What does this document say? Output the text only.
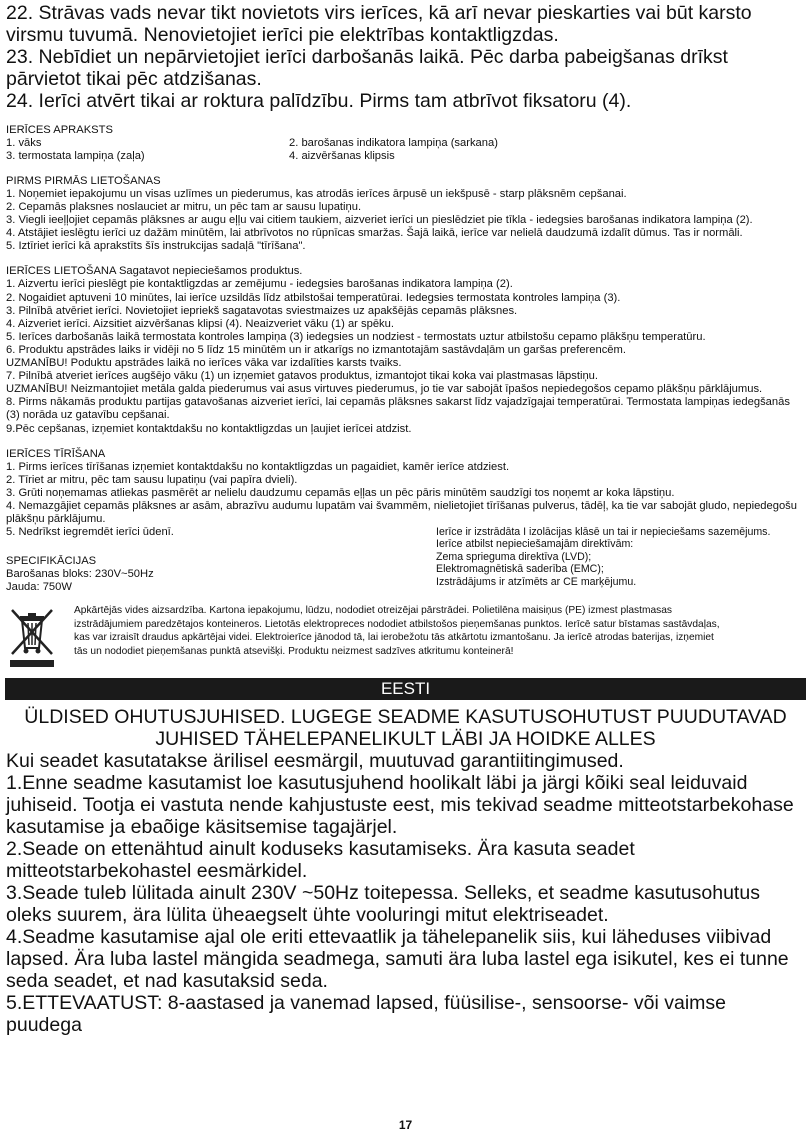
22. Strāvas vads nevar tikt novietots virs ierīces, kā arī nevar pieskarties vai būt karsto virsmu tuvumā. Nenovietojiet ierīci pie elektrības kontaktligzdas.

23. Nebīdiet un nepārvietojiet ierīci darbošanās laikā. Pēc darba pabeigšanas drīkst pārvietot tikai pēc atdzišanas.

24. Ierīci atvērt tikai ar roktura palīdzību. Pirms tam atbrīvot fiksatoru (4).

IERĪCES APRAKSTS

1. vāks	2. barošanas indikatora lampiņa (sarkana)
3. termostata lampiņa (zaļa)	4. aizvēršanas klipsis

PIRMS PIRMĀS LIETOŠANAS

1. Noņemiet iepakojumu un visas uzlīmes un piederumus, kas atrodās ierīces ārpusē un iekšpusē - starp plāksnēm cepšanai.

2. Cepamās plaksnes noslauciet ar mitru, un pēc tam ar sausu lupatiņu.

3. Viegli ieeļļojiet cepamās plāksnes ar augu eļļu vai citiem taukiem, aizveriet ierīci un pieslēdziet pie tīkla - iedegsies barošanas indikatora lampiņa (2).

4. Atstājiet ieslēgtu ierīci uz dažām minūtēm, lai atbrīvotos no rūpnīcas smaržas. Šajā laikā, ierīce var nelielā daudzumā izdalīt dūmus. Tas ir normāli.

5. Iztīriet ierīci kā aprakstīts šīs instrukcijas sadaļā "tīrīšana".

IERĪCES LIETOŠANA Sagatavot nepieciešamos produktus.

1. Aizvertu ierīci pieslēgt pie kontaktligzdas ar zemējumu - iedegsies barošanas indikatora lampiņa (2).

2. Nogaidiet aptuveni 10 minūtes, lai ierīce uzsildās līdz atbilstošai temperatūrai. Iedegsies termostata kontroles lampiņa (3).

3. Pilnībā atvēriet ierīci. Novietojiet iepriekš sagatavotas sviestmaizes uz apakšējās cepamās plāksnes.

4. Aizveriet ierīci. Aizsitiet aizvēršanas klipsi (4). Neaizveriet vāku (1) ar spēku.

5. Ierīces darbošanās laikā termostata kontroles lampiņa (3) iedegsies un nodziest - termostats uztur atbilstošu cepamo plākšņu temperatūru.

6. Produktu apstrādes laiks ir vidēji no 5 līdz 15 minūtēm un ir atkarīgs no izmantotajām sastāvdaļām un garšas preferencēm.

UZMANĪBU! Poduktu apstrādes laikā no ierīces vāka var izdalīties karsts tvaiks.

7. Pilnībā atveriet ierīces augšējo vāku (1) un izņemiet gatavos produktus, izmantojot tikai koka vai plastmasas lāpstiņu.

UZMANĪBU! Neizmantojiet metāla galda piederumus vai asus virtuves piederumus, jo tie var sabojāt īpašos nepiedegošos cepamo plākšņu pārklājumus.

8. Pirms nākamās produktu partijas gatavošanas aizveriet ierīci, lai cepamās plāksnes sakarst līdz vajadzīgajai temperatūrai. Termostata lampiņas iedegšanās (3) norāda uz gatavību cepšanai.

9.Pēc cepšanas, izņemiet kontaktdakšu no kontaktligzdas un ļaujiet ierīcei atdzist.

IERĪCES TĪRĪŠANA

1. Pirms ierīces tīrīšanas izņemiet kontaktdakšu no kontaktligzdas un pagaidiet, kamēr ierīce atdziest.

2. Tīriet ar mitru, pēc tam sausu lupatiņu (vai papīra dvieli).

3. Grūti noņemamas atliekas pasmērēt ar nelielu daudzumu cepamās eļļas un pēc pāris minūtēm saudzīgi tos noņemt ar koka lāpstiņu.

4. Nemazgājiet cepamās plāksnes ar asām, abrazīvu audumu lupatām vai švammēm, nielietojiet tīrīšanas pulverus, tādēļ, ka tie var sabojāt gludo, nepiedegošu plākšņu pārklājumu.

5. Nedrīkst iegremdēt ierīci ūdenī.

SPECIFIKĀCIJAS

Barošanas bloks: 230V~50Hz

Jauda: 750W

Ierīce ir izstrādāta I izolācijas klāsē un tai ir nepieciešams sazemējums.

Ierīce atbilst nepieciešamajām direktīvām:

Zema sprieguma direktīva (LVD);

Elektromagnētiskā saderība (EMC);

Izstrādājums ir atzīmēts ar CE marķējumu.

Apkārtējās vides aizsardzība. Kartona iepakojumu, lūdzu, nododiet otreizējai pārstrādei. Polietilēna maisiņus (PE) izmest plastmasas

izstrādājumiem paredzētajos konteineros. Lietotās elektropreces nododiet atbilstošos pieņemšanas punktos. Ierīcē satur bīstamas sastāvdaļas,

kas var izraisīt draudus apkārtējai videi. Elektroierīce jānodod tā, lai ierobežotu tās atkārtotu izmantošanu. Ja ierīcē atrodas baterijas, izņemiet

tās un nododiet pieņemšanas punktā atsevišķi. Produktu neizmest sadzīves atkritumu konteinerā!

EESTI

ÜLDISED OHUTUSJUHISED. LUGEGE SEADME KASUTUSOHUTUST PUUDUTAVAD

JUHISED TÄHELEPANELIKULT LÄBI JA HOIDKE ALLES

Kui seadet kasutatakse ärilisel eesmärgil, muutuvad garantiitingimused.

1.Enne seadme kasutamist loe kasutusjuhend hoolikalt läbi ja järgi kõiki seal leiduvaid juhiseid. Tootja ei vastuta nende kahjustuste eest, mis tekivad seadme mitteotstarbekohase kasutamise ja ebaõige käsitsemise tagajärjel.

2.Seade on ettenähtud ainult koduseks kasutamiseks. Ära kasuta seadet mitteotstarbekohastel eesmärkidel.

3.Seade tuleb lülitada ainult 230V ~50Hz toitepessa. Selleks, et seadme kasutusohutus oleks suurem, ära lülita üheaegselt ühte vooluringi mitut elektriseadet.

4.Seadme kasutamise ajal ole eriti ettevaatlik ja tähelepanelik siis, kui läheduses viibivad lapsed. Ära luba lastel mängida seadmega, samuti ära luba lastel ega isikutel, kes ei tunne seda seadet, et nad kasutaksid seda.

5.ETTEVAATUST: 8-aastased ja vanemad lapsed, füüsilise-, sensoorse- või vaimse puudega

17
